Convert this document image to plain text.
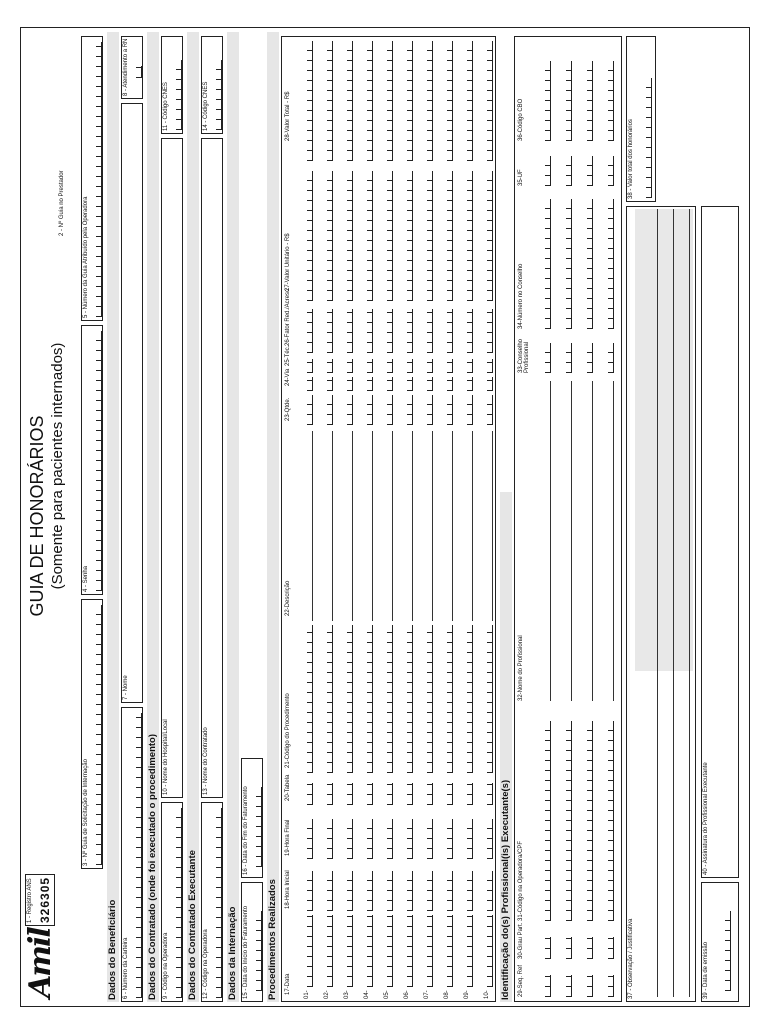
Amil
1 - Registro ANS 326305
GUIA DE HONORÁRIOS (Somente para pacientes internados)
2 - Nº Guia no Prestador
3 - Nº Guia de Solicitação de Internação
4 - Senha
5 - Número da Guia Atribuído pela Operadora
Dados do Beneficiário 6 - Número da Carteira
7 - Nome
8 - Atendimento a RN
Dados do Contratado (onde foi executado o procedimento) 9 - Código na Operadora
10 - Nome do Hospital/Local
11 - Código CNES
Dados do Contratado Executante 12 - Código na Operadora
13 - Nome do Contratado
14 - Código CNES
Dados da Internação 15 - Data do Início do Faturamento
16 - Data do Fim do Faturamento
Procedimentos Realizados 17-Data
18-Hora Inicial
19-Hora Final
20-Tabela
21-Código do Procedimento
22-Descrição
23-Qtde.
24-Via
25-Téc.
26-Fator Red./Acresc.
27-Valor Unitário - R$
28-Valor Total - R$
01- 02- 03- 04- 05- 06- 07- 08- 09- 10- Identificação do(s) Profissional(is) Executante(s) 29-Seq. Ref
30-Grau Part.
31-Código na Operadora/CPF
32-Nome do Profissional
33-Conselho Profissional
34-Número no Conselho
35-UF
36-Código CBO
37 - Observação / Justificativa
38 - Valor total dos honorários
39 - Data de emissão
40 - Assinatura do Profissional Executante
